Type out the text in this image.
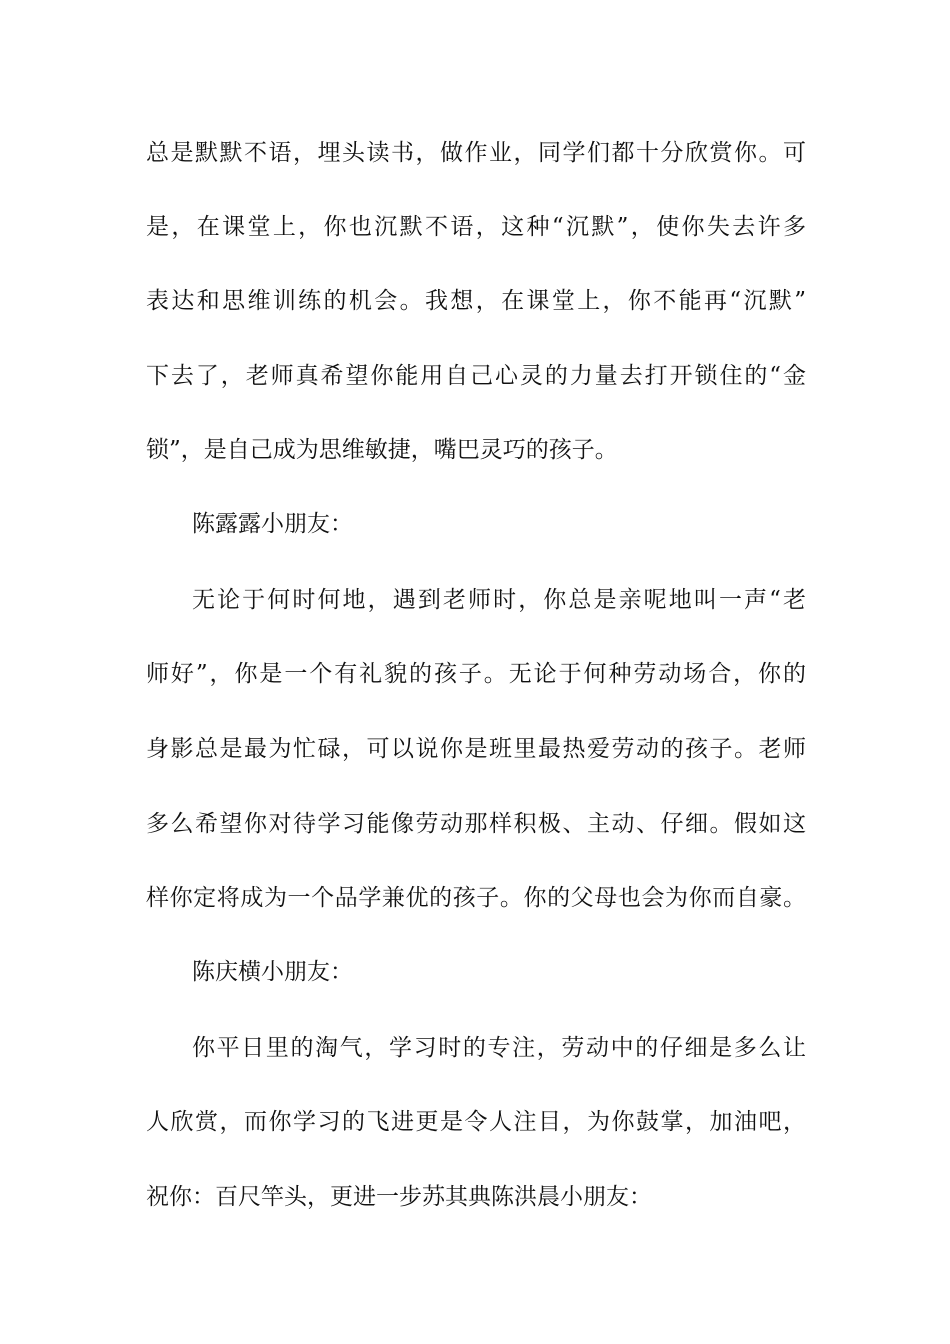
总是默默不语，埋头读书，做作业，同学们都十分欣赏你。可
是，在课堂上，你也沉默不语，这种“沉默”，使你失去许多
表达和思维训练的机会。我想，在课堂上，你不能再“沉默”
下去了，老师真希望你能用自己心灵的力量去打开锁住的“金
锁”，是自己成为思维敏捷，嘴巴灵巧的孩子。
陈露露小朋友：
无论于何时何地，遇到老师时，你总是亲呢地叫一声“老
师好”，你是一个有礼貌的孩子。无论于何种劳动场合，你的
身影总是最为忙碌，可以说你是班里最热爱劳动的孩子。老师
多么希望你对待学习能像劳动那样积极、主动、仔细。假如这
样你定将成为一个品学兼优的孩子。你的父母也会为你而自豪。
陈庆横小朋友：
你平日里的淘气，学习时的专注，劳动中的仔细是多么让
人欣赏，而你学习的飞进更是令人注目，为你鼓掌，加油吧，
祝你：百尺竿头，更进一步苏其典陈洪晨小朋友：
